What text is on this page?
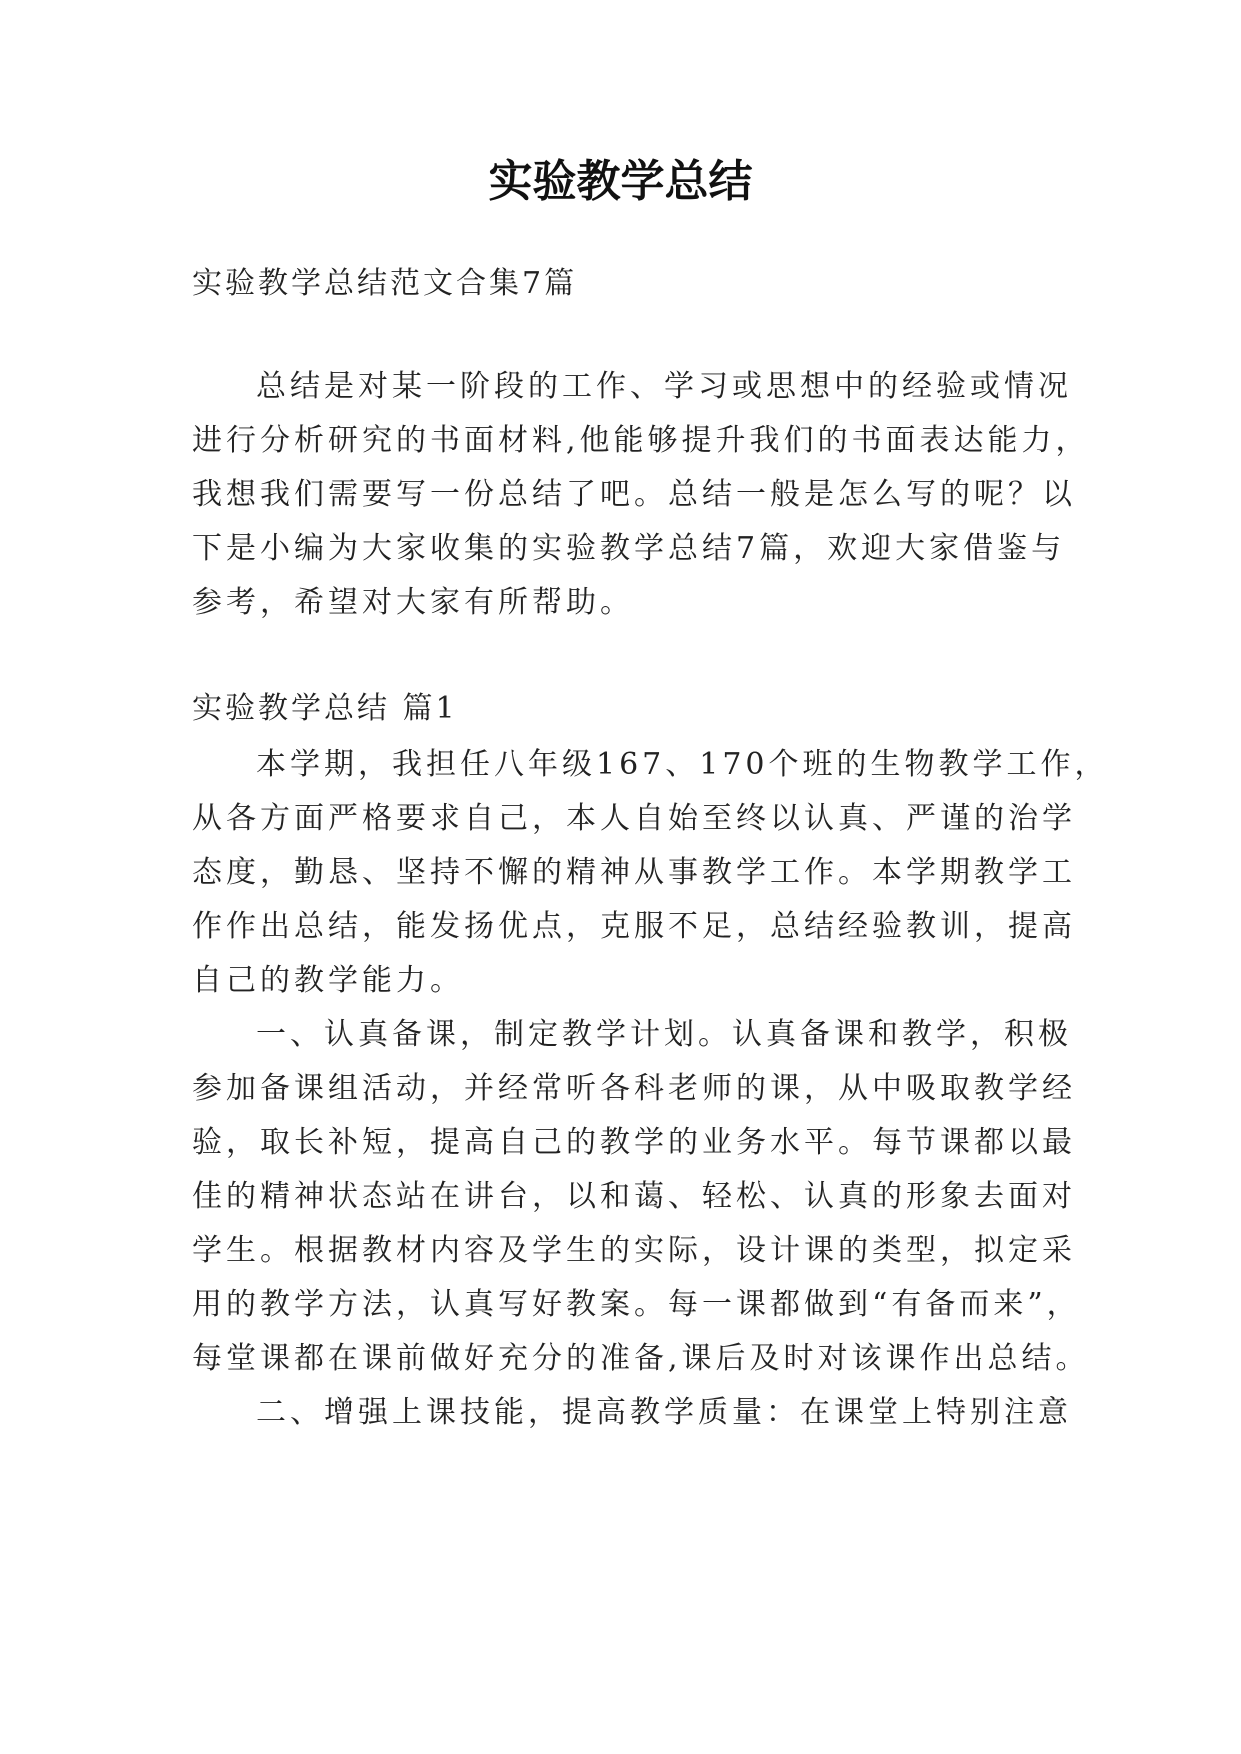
实验教学总结

实验教学总结范文合集7篇

总结是对某一阶段的工作、学习或思想中的经验或情况

进行分析研究的书面材料,他能够提升我们的书面表达能力，

我想我们需要写一份总结了吧。总结一般是怎么写的呢？以

下是小编为大家收集的实验教学总结7篇，欢迎大家借鉴与

参考，希望对大家有所帮助。

实验教学总结 篇1

本学期，我担任八年级167、170个班的生物教学工作，

从各方面严格要求自己，本人自始至终以认真、严谨的治学

态度，勤恳、坚持不懈的精神从事教学工作。本学期教学工

作作出总结，能发扬优点，克服不足，总结经验教训，提高

自己的教学能力。

一、认真备课，制定教学计划。认真备课和教学，积极

参加备课组活动，并经常听各科老师的课，从中吸取教学经

验，取长补短，提高自己的教学的业务水平。每节课都以最

佳的精神状态站在讲台，以和蔼、轻松、认真的形象去面对

学生。根据教材内容及学生的实际，设计课的类型，拟定采

用的教学方法，认真写好教案。每一课都做到“有备而来”，

每堂课都在课前做好充分的准备,课后及时对该课作出总结。

二、增强上课技能，提高教学质量：在课堂上特别注意
